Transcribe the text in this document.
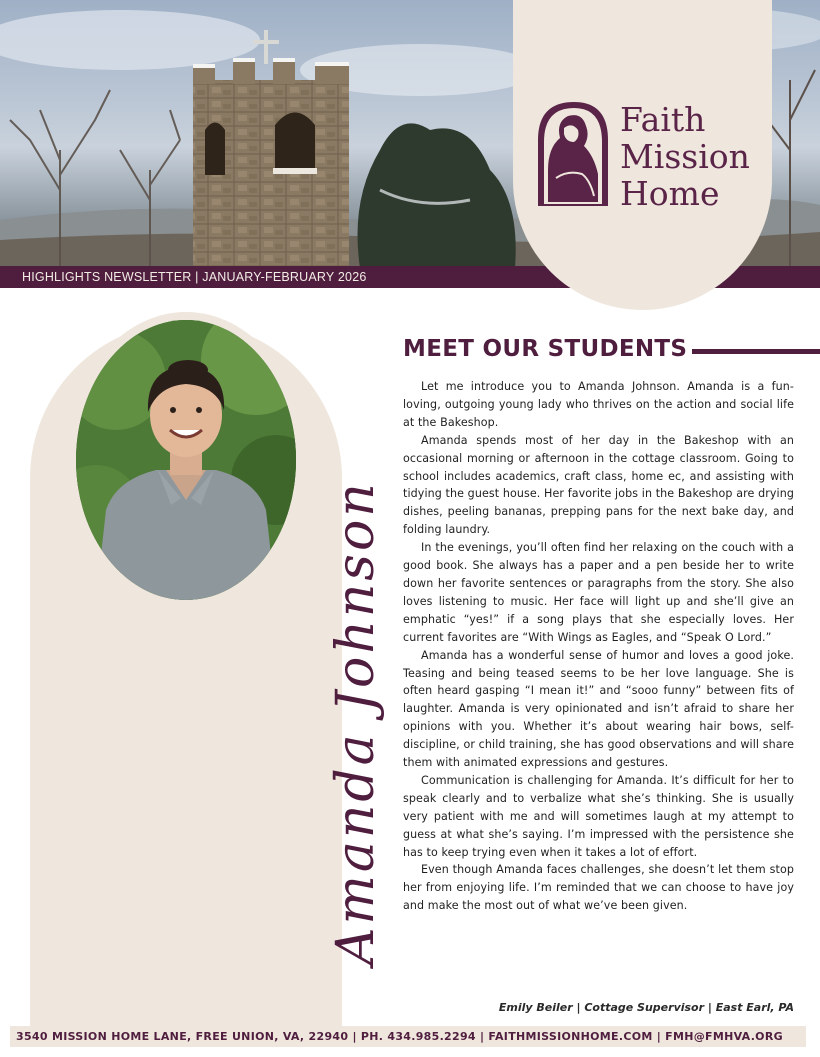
HIGHLIGHTS NEWSLETTER | JANUARY-FEBRUARY 2026
Faith
Mission
Home
Amanda Johnson
MEET OUR STUDENTS

Let me introduce you to Amanda Johnson. Amanda is a fun-loving, outgoing young lady who thrives on the action and social life at the Bakeshop.

Amanda spends most of her day in the Bakeshop with an occasional morning or afternoon in the cottage classroom. Going to school includes academics, craft class, home ec, and assisting with tidying the guest house. Her favorite jobs in the Bakeshop are drying dishes, peeling bananas, prepping pans for the next bake day, and folding laundry.

In the evenings, you’ll often find her relaxing on the couch with a good book. She always has a paper and a pen beside her to write down her favorite sentences or paragraphs from the story. She also loves listening to music. Her face will light up and she’ll give an emphatic “yes!” if a song plays that she especially loves. Her current favorites are “With Wings as Eagles, and “Speak O Lord.”

Amanda has a wonderful sense of humor and loves a good joke. Teasing and being teased seems to be her love language. She is often heard gasping “I mean it!” and “sooo funny” between fits of laughter. Amanda is very opinionated and isn’t afraid to share her opinions with you. Whether it’s about wearing hair bows, self-discipline, or child training, she has good observations and will share them with animated expressions and gestures.

Communication is challenging for Amanda. It’s difficult for her to speak clearly and to verbalize what she’s thinking. She is usually very patient with me and will sometimes laugh at my attempt to guess at what she’s saying. I’m impressed with the persistence she has to keep trying even when it takes a lot of effort.

Even though Amanda faces challenges, she doesn’t let them stop her from enjoying life. I’m reminded that we can choose to have joy and make the most out of what we’ve been given.

Emily Beiler | Cottage Supervisor | East Earl, PA
3540 MISSION HOME LANE, FREE UNION, VA, 22940 | PH. 434.985.2294 | FAITHMISSIONHOME.COM | FMH@FMHVA.ORG
